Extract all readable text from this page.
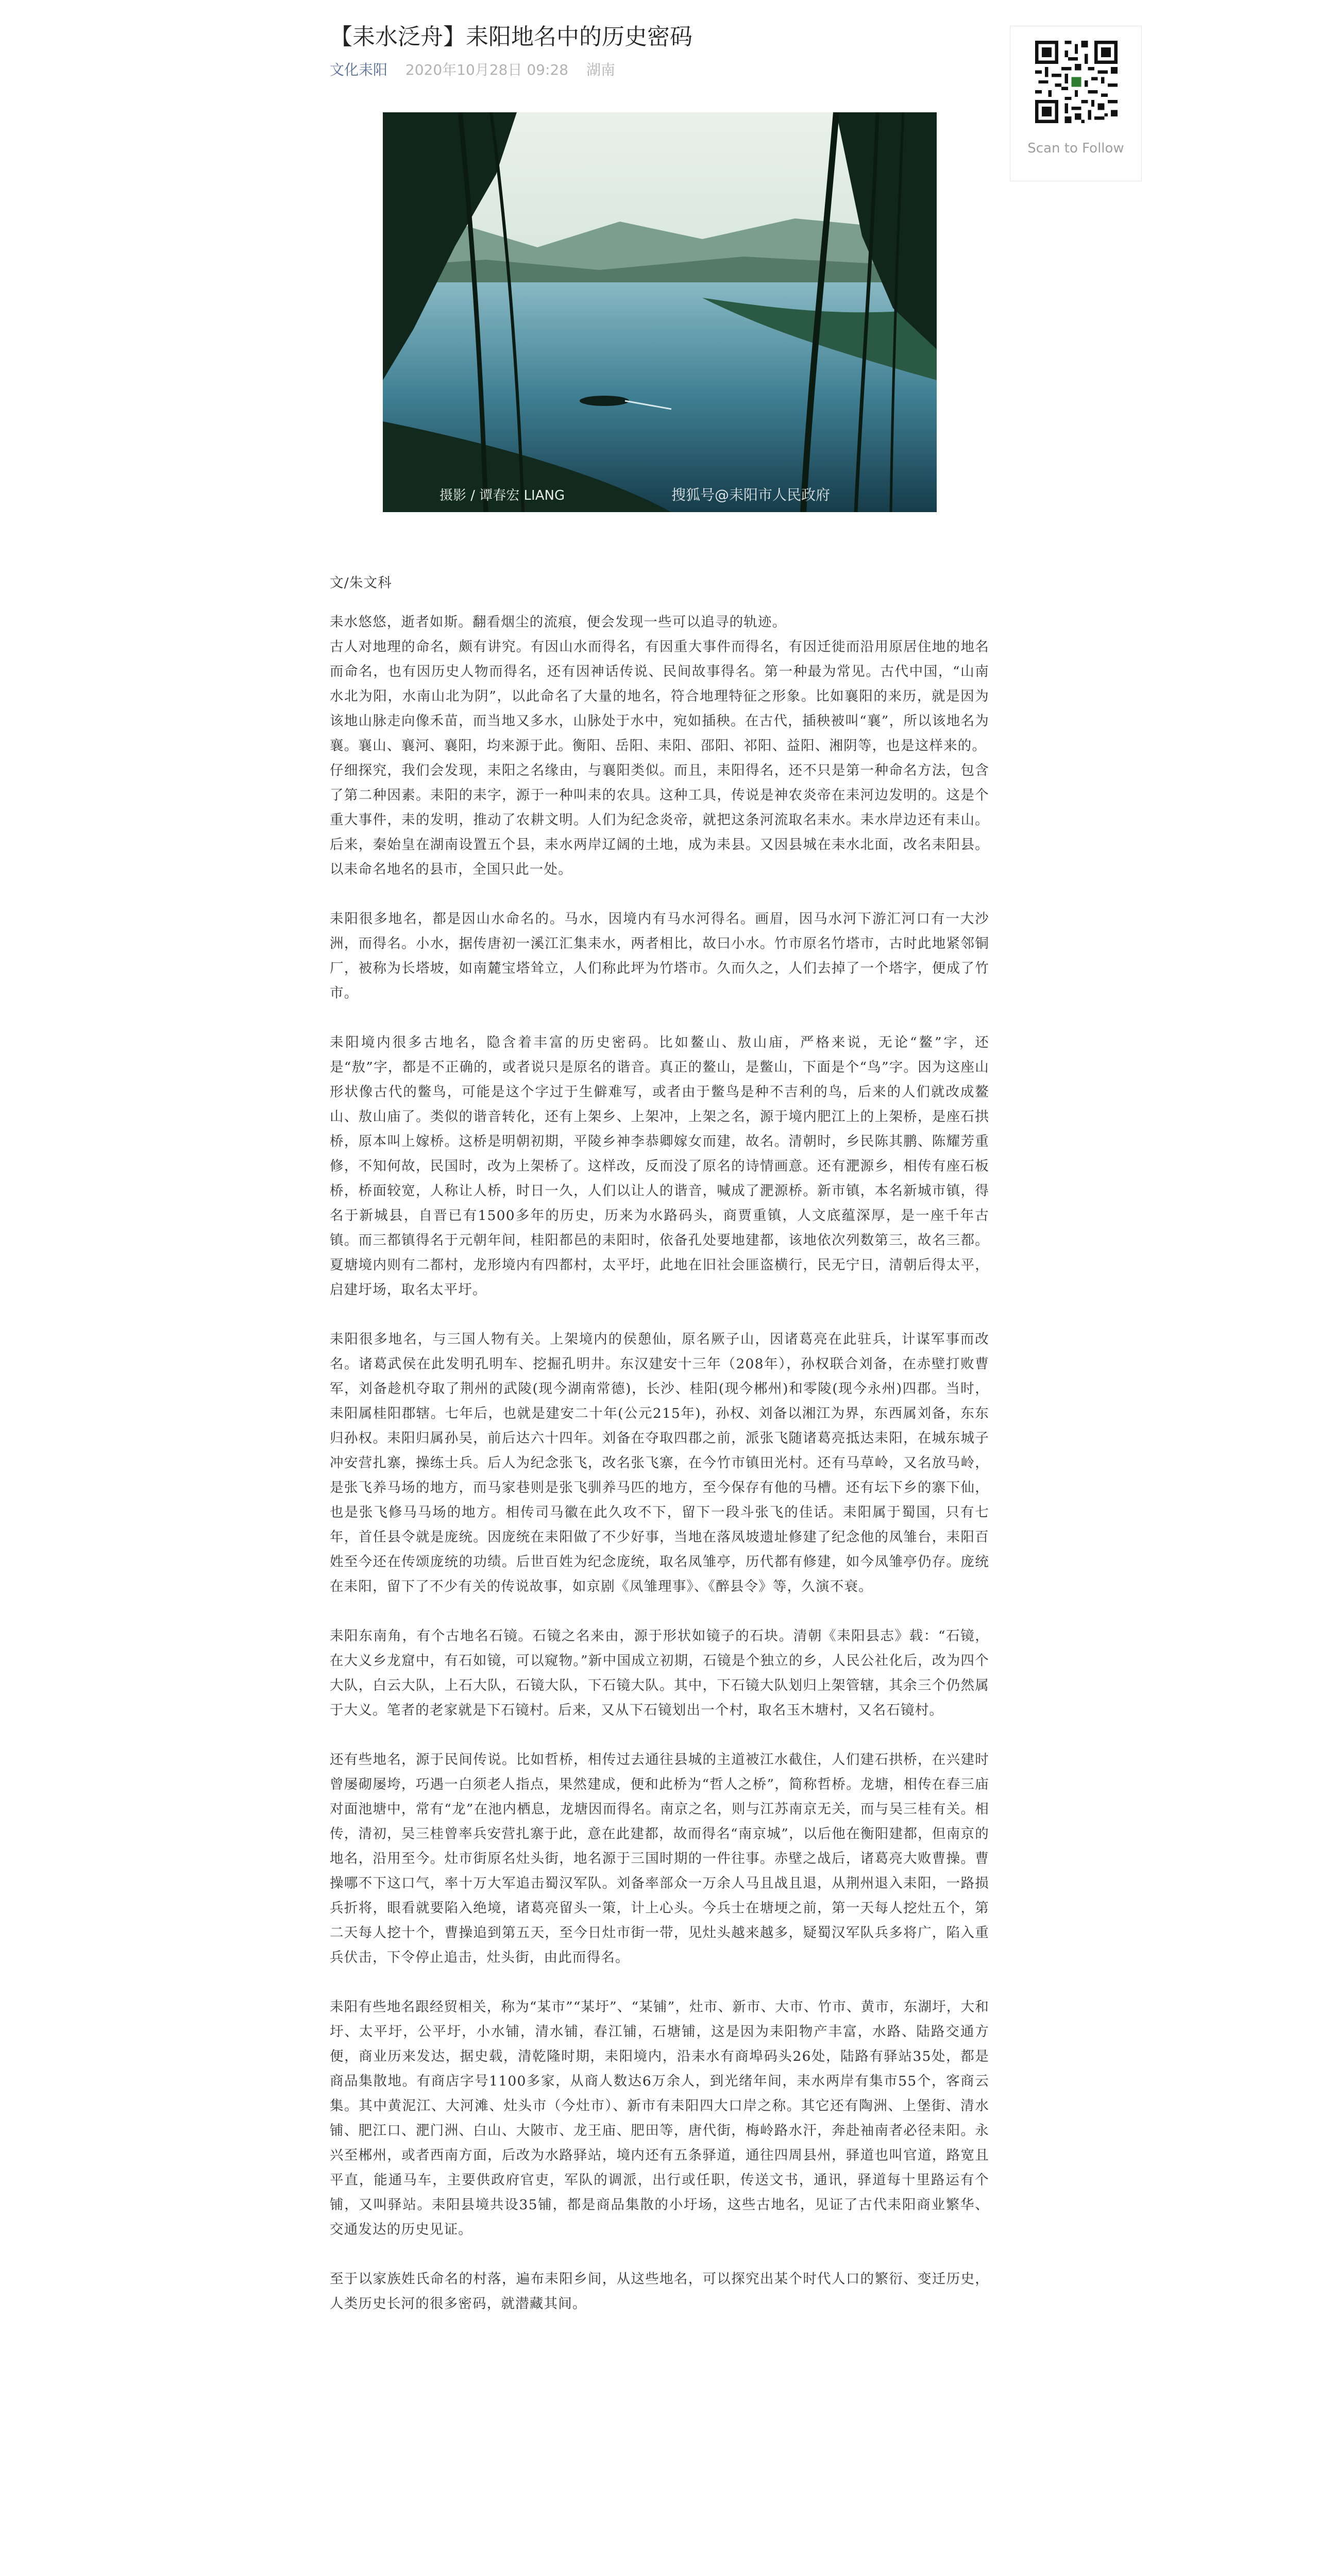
【耒水泛舟】耒阳地名中的历史密码
文化耒阳 2020年10月28日 09:28 湖南
摄影 / 谭春宏 LIANG	搜狐号@耒阳市人民政府

文/朱文科

耒水悠悠，逝者如斯。翻看烟尘的流痕，便会发现一些可以追寻的轨迹。

古人对地理的命名，颇有讲究。有因山水而得名，有因重大事件而得名，有因迁徙而沿用原居住地的地名而命名，也有因历史人物而得名，还有因神话传说、民间故事得名。第一种最为常见。古代中国，“山南水北为阳，水南山北为阴”，以此命名了大量的地名，符合地理特征之形象。比如襄阳的来历，就是因为该地山脉走向像禾苗，而当地又多水，山脉处于水中，宛如插秧。在古代，插秧被叫“襄”，所以该地名为襄。襄山、襄河、襄阳，均来源于此。衡阳、岳阳、耒阳、邵阳、祁阳、益阳、湘阴等，也是这样来的。

仔细探究，我们会发现，耒阳之名缘由，与襄阳类似。而且，耒阳得名，还不只是第一种命名方法，包含了第二种因素。耒阳的耒字，源于一种叫耒的农具。这种工具，传说是神农炎帝在耒河边发明的。这是个重大事件，耒的发明，推动了农耕文明。人们为纪念炎帝，就把这条河流取名耒水。耒水岸边还有耒山。后来，秦始皇在湖南设置五个县，耒水两岸辽阔的土地，成为耒县。又因县城在耒水北面，改名耒阳县。以耒命名地名的县市，全国只此一处。

耒阳很多地名，都是因山水命名的。马水，因境内有马水河得名。画眉，因马水河下游汇河口有一大沙洲，而得名。小水，据传唐初一溪江汇集耒水，两者相比，故曰小水。竹市原名竹塔市，古时此地紧邻铜厂，被称为长塔坡，如南麓宝塔耸立，人们称此坪为竹塔市。久而久之，人们去掉了一个塔字，便成了竹市。

耒阳境内很多古地名，隐含着丰富的历史密码。比如鳌山、敖山庙，严格来说，无论“鳌”字，还是“敖”字，都是不正确的，或者说只是原名的谐音。真正的鳌山，是鳖山，下面是个“鸟”字。因为这座山形状像古代的鳖鸟，可能是这个字过于生僻难写，或者由于鳖鸟是种不吉利的鸟，后来的人们就改成鳌山、敖山庙了。类似的谐音转化，还有上架乡、上架冲，上架之名，源于境内肥江上的上架桥，是座石拱桥，原本叫上嫁桥。这桥是明朝初期，平陵乡神李恭卿嫁女而建，故名。清朝时，乡民陈其鹏、陈耀芳重修，不知何故，民国时，改为上架桥了。这样改，反而没了原名的诗情画意。还有淝源乡，相传有座石板桥，桥面较宽，人称让人桥，时日一久，人们以让人的谐音，喊成了淝源桥。新市镇，本名新城市镇，得名于新城县，自晋已有1500多年的历史，历来为水路码头，商贾重镇，人文底蕴深厚，是一座千年古镇。而三都镇得名于元朝年间，桂阳都邑的耒阳时，依备孔处要地建都，该地依次列数第三，故名三都。夏塘境内则有二都村，龙形境内有四都村，太平圩，此地在旧社会匪盗横行，民无宁日，清朝后得太平，启建圩场，取名太平圩。

耒阳很多地名，与三国人物有关。上架境内的侯憩仙，原名厥子山，因诸葛亮在此驻兵，计谋军事而改名。诸葛武侯在此发明孔明车、挖掘孔明井。东汉建安十三年（208年），孙权联合刘备，在赤壁打败曹军，刘备趁机夺取了荆州的武陵(现今湖南常德)，长沙、桂阳(现今郴州)和零陵(现今永州)四郡。当时，耒阳属桂阳郡辖。七年后，也就是建安二十年(公元215年)，孙权、刘备以湘江为界，东西属刘备，东东归孙权。耒阳归属孙吴，前后达六十四年。刘备在夺取四郡之前，派张飞随诸葛亮抵达耒阳，在城东城子冲安营扎寨，操练士兵。后人为纪念张飞，改名张飞寨，在今竹市镇田光村。还有马草岭，又名放马岭，是张飞养马场的地方，而马家巷则是张飞驯养马匹的地方，至今保存有他的马槽。还有坛下乡的寨下仙，也是张飞修马马场的地方。相传司马徽在此久攻不下，留下一段斗张飞的佳话。耒阳属于蜀国，只有七年，首任县令就是庞统。因庞统在耒阳做了不少好事，当地在落凤坡遗址修建了纪念他的凤雏台，耒阳百姓至今还在传颂庞统的功绩。后世百姓为纪念庞统，取名凤雏亭，历代都有修建，如今凤雏亭仍存。庞统在耒阳，留下了不少有关的传说故事，如京剧《凤雏理事》、《醉县令》等，久演不衰。

耒阳东南角，有个古地名石镜。石镜之名来由，源于形状如镜子的石块。清朝《耒阳县志》载：“石镜，在大义乡龙窟中，有石如镜，可以窥物。”新中国成立初期，石镜是个独立的乡，人民公社化后，改为四个大队，白云大队，上石大队，石镜大队，下石镜大队。其中，下石镜大队划归上架管辖，其余三个仍然属于大义。笔者的老家就是下石镜村。后来，又从下石镜划出一个村，取名玉木塘村，又名石镜村。

还有些地名，源于民间传说。比如哲桥，相传过去通往县城的主道被江水截住，人们建石拱桥，在兴建时曾屡砌屡垮，巧遇一白须老人指点，果然建成，便和此桥为“哲人之桥”，简称哲桥。龙塘，相传在春三庙对面池塘中，常有“龙”在池内栖息，龙塘因而得名。南京之名，则与江苏南京无关，而与吴三桂有关。相传，清初，吴三桂曾率兵安营扎寨于此，意在此建都，故而得名“南京城”，以后他在衡阳建都，但南京的地名，沿用至今。灶市街原名灶头街，地名源于三国时期的一件往事。赤壁之战后，诸葛亮大败曹操。曹操哪不下这口气，率十万大军追击蜀汉军队。刘备率部众一万余人马且战且退，从荆州退入耒阳，一路损兵折将，眼看就要陷入绝境，诸葛亮留头一策，计上心头。今兵士在塘埂之前，第一天每人挖灶五个，第二天每人挖十个，曹操追到第五天，至今日灶市街一带，见灶头越来越多，疑蜀汉军队兵多将广，陷入重兵伏击，下令停止追击，灶头街，由此而得名。

耒阳有些地名跟经贸相关，称为“某市”“某圩”、“某铺”，灶市、新市、大市、竹市、黄市，东湖圩，大和圩、太平圩，公平圩，小水铺，清水铺，春江铺，石塘铺，这是因为耒阳物产丰富，水路、陆路交通方便，商业历来发达，据史载，清乾隆时期，耒阳境内，沿耒水有商埠码头26处，陆路有驿站35处，都是商品集散地。有商店字号1100多家，从商人数达6万余人，到光绪年间，耒水两岸有集市55个，客商云集。其中黄泥江、大河滩、灶头市（今灶市）、新市有耒阳四大口岸之称。其它还有陶洲、上堡街、清水铺、肥江口、淝门洲、白山、大陂市、龙王庙、肥田等，唐代街，梅岭路水汗，奔赴袖南者必径耒阳。永兴至郴州，或者西南方面，后改为水路驿站，境内还有五条驿道，通往四周县州，驿道也叫官道，路宽且平直，能通马车，主要供政府官吏，军队的调派，出行或任职，传送文书，通讯，驿道每十里路运有个铺，又叫驿站。耒阳县境共设35铺，都是商品集散的小圩场，这些古地名，见证了古代耒阳商业繁华、交通发达的历史见证。

至于以家族姓氏命名的村落，遍布耒阳乡间，从这些地名，可以探究出某个时代人口的繁衍、变迁历史，人类历史长河的很多密码，就潜藏其间。

Scan to Follow
